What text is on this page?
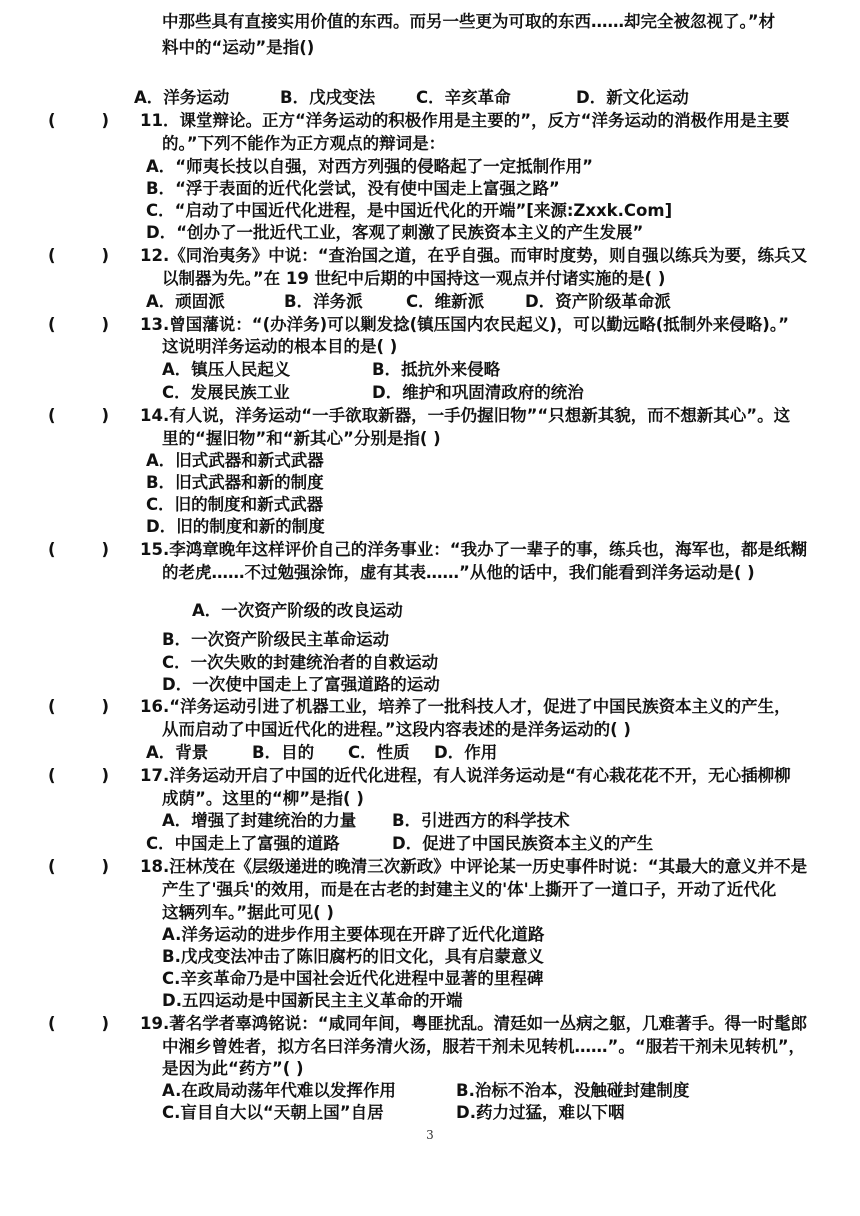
中那些具有直接实用价值的东西。而另一些更为可取的东西……却完全被忽视了。”材
料中的“运动”是指()
A．洋务运动	B．戊戌变法 C．辛亥革命	D．新文化运动
(        ) 11．课堂辩论。正方“洋务运动的积极作用是主要的”，反方“洋务运动的消极作用是主要
的。”下列不能作为正方观点的辩词是：
A．“师夷长技以自强，对西方列强的侵略起了一定抵制作用”
B．“浮于表面的近代化尝试，没有使中国走上富强之路”
C．“启动了中国近代化进程，是中国近代化的开端”[来源:Zxxk.Com]
D．“创办了一批近代工业，客观了刺激了民族资本主义的产生发展”
(        ) 12.《同治夷务》中说：“查治国之道，在乎自强。而审时度势，则自强以练兵为要，练兵又
以制器为先。”在 19 世纪中后期的中国持这一观点并付诸实施的是( )
A．顽固派	B．洋务派	C．维新派 D．资产阶级革命派
(        ) 13.曾国藩说：“(办洋务)可以剿发捻(镇压国内农民起义)，可以勤远略(抵制外来侵略)。”
这说明洋务运动的根本目的是( )
A．镇压人民起义	B．抵抗外来侵略
C．发展民族工业	D．维护和巩固清政府的统治
(        ) 14.有人说，洋务运动“一手欲取新器，一手仍握旧物”“只想新其貌，而不想新其心”。这
里的“握旧物”和“新其心”分别是指( )
A．旧式武器和新式武器
B．旧式武器和新的制度
C．旧的制度和新式武器
D．旧的制度和新的制度
(        ) 15.李鸿章晚年这样评价自己的洋务事业：“我办了一辈子的事，练兵也，海军也，都是纸糊
的老虎……不过勉强涂饰，虚有其表……”从他的话中，我们能看到洋务运动是( )
A．一次资产阶级的改良运动
B．一次资产阶级民主革命运动
C．一次失败的封建统治者的自救运动
D．一次使中国走上了富强道路的运动
(        ) 16.“洋务运动引进了机器工业，培养了一批科技人才，促进了中国民族资本主义的产生，
从而启动了中国近代化的进程。”这段内容表述的是洋务运动的( )
A．背景	B．目的 C．性质 D．作用
(        ) 17.洋务运动开启了中国的近代化进程，有人说洋务运动是“有心栽花花不开，无心插柳柳
成荫”。这里的“柳”是指( )
A．增强了封建统治的力量 B．引进西方的科学技术
C．中国走上了富强的道路	D．促进了中国民族资本主义的产生
(        ) 18.汪林茂在《层级递进的晚清三次新政》中评论某一历史事件时说：“其最大的意义并不是
产生了'强兵'的效用，而是在古老的封建主义的'体'上撕开了一道口子，开动了近代化
这辆列车。”据此可见( )
A.洋务运动的进步作用主要体现在开辟了近代化道路
B.戊戌变法冲击了陈旧腐朽的旧文化，具有启蒙意义
C.辛亥革命乃是中国社会近代化进程中显著的里程碑
D.五四运动是中国新民主主义革命的开端
(        ) 19.著名学者辜鸿铭说：“咸同年间，粤匪扰乱。清廷如一丛病之躯，几难著手。得一时髦郎
中湘乡曾姓者，拟方名曰洋务清火汤，服若干剂未见转机……”。“服若干剂未见转机”，
是因为此“药方”( )
A.在政局动荡年代难以发挥作用	B.治标不治本，没触碰封建制度
C.盲目自大以“天朝上国”自居	D.药力过猛，难以下咽
3
